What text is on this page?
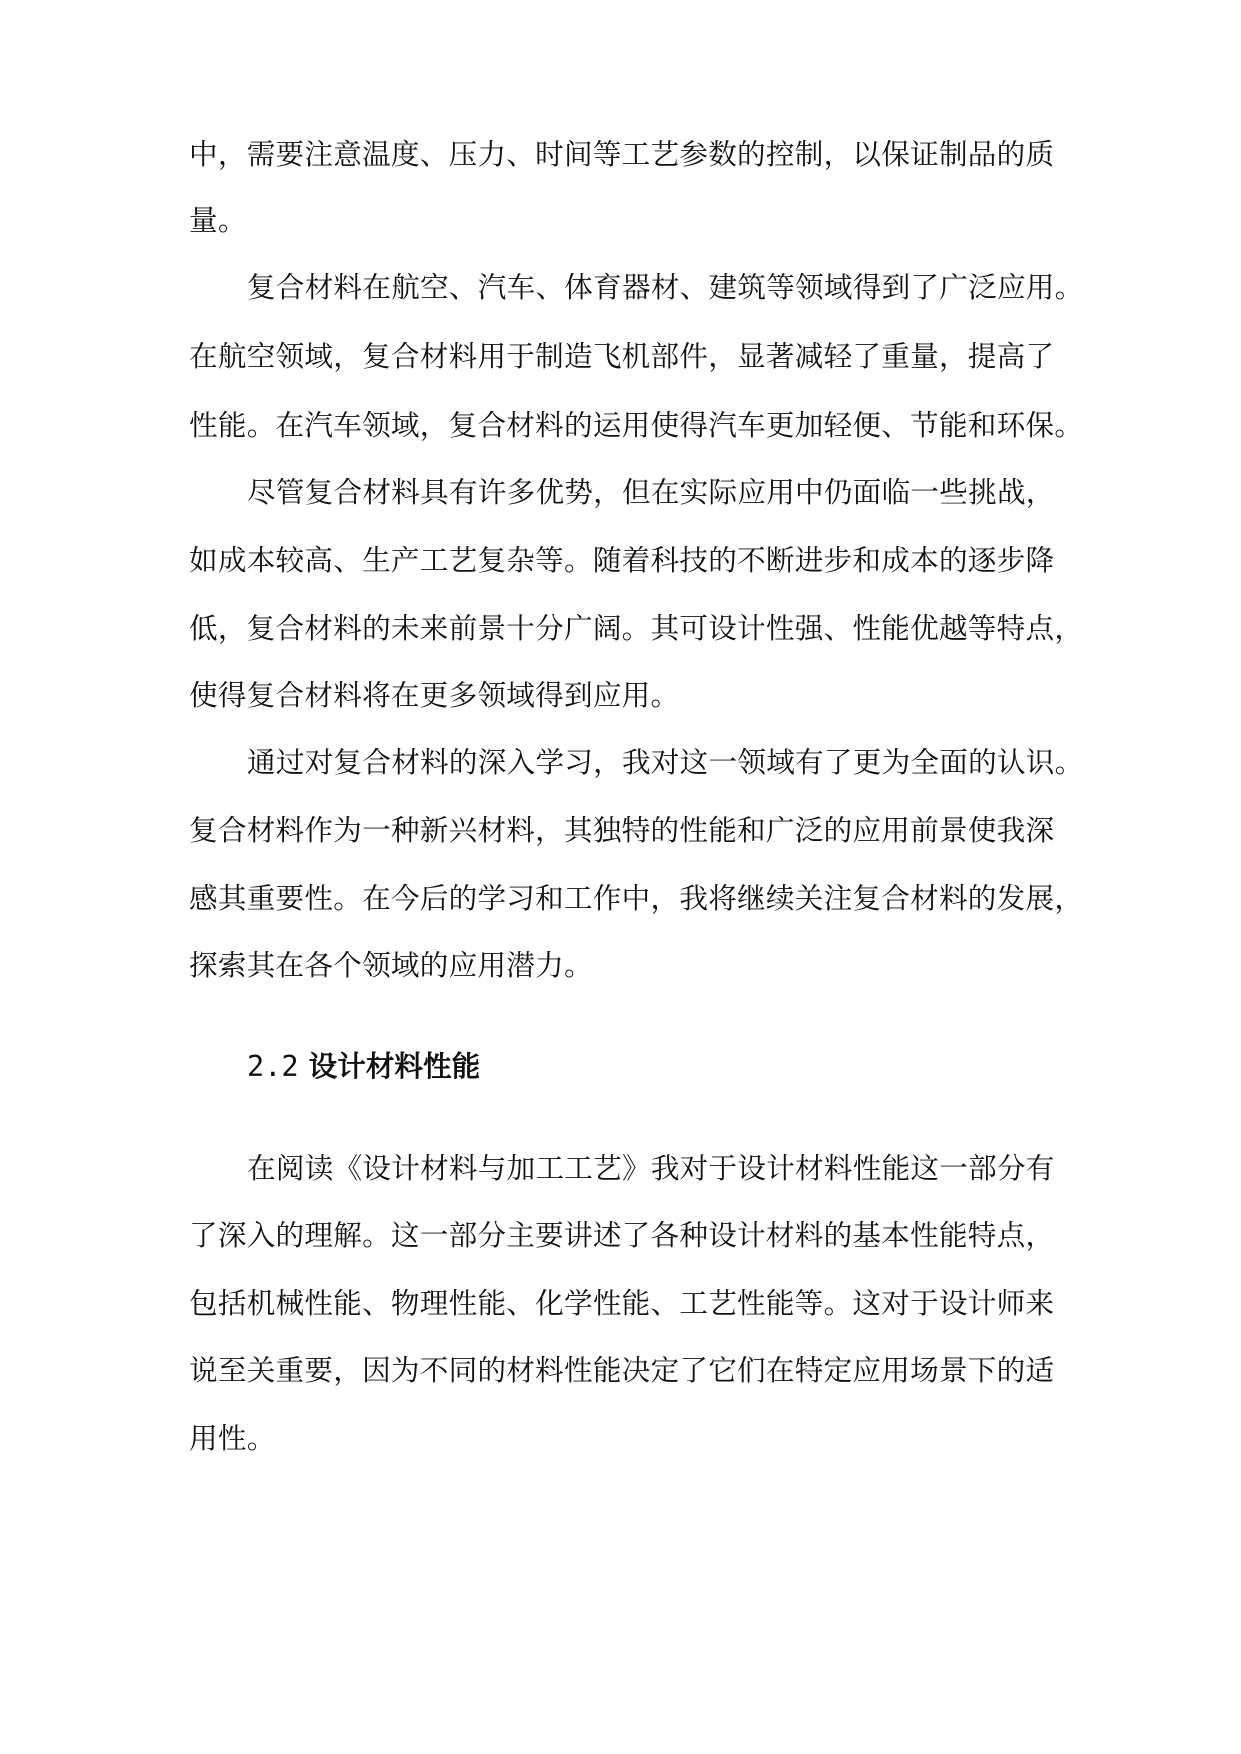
中，需要注意温度、压力、时间等工艺参数的控制，以保证制品的质
量。
复合材料在航空、汽车、体育器材、建筑等领域得到了广泛应用。
在航空领域，复合材料用于制造飞机部件，显著减轻了重量，提高了
性能。在汽车领域，复合材料的运用使得汽车更加轻便、节能和环保。
尽管复合材料具有许多优势，但在实际应用中仍面临一些挑战，
如成本较高、生产工艺复杂等。随着科技的不断进步和成本的逐步降
低，复合材料的未来前景十分广阔。其可设计性强、性能优越等特点，
使得复合材料将在更多领域得到应用。
通过对复合材料的深入学习，我对这一领域有了更为全面的认识。
复合材料作为一种新兴材料，其独特的性能和广泛的应用前景使我深
感其重要性。在今后的学习和工作中，我将继续关注复合材料的发展，
探索其在各个领域的应用潜力。
2.2 设计材料性能
在阅读《设计材料与加工工艺》我对于设计材料性能这一部分有
了深入的理解。这一部分主要讲述了各种设计材料的基本性能特点，
包括机械性能、物理性能、化学性能、工艺性能等。这对于设计师来
说至关重要，因为不同的材料性能决定了它们在特定应用场景下的适
用性。
